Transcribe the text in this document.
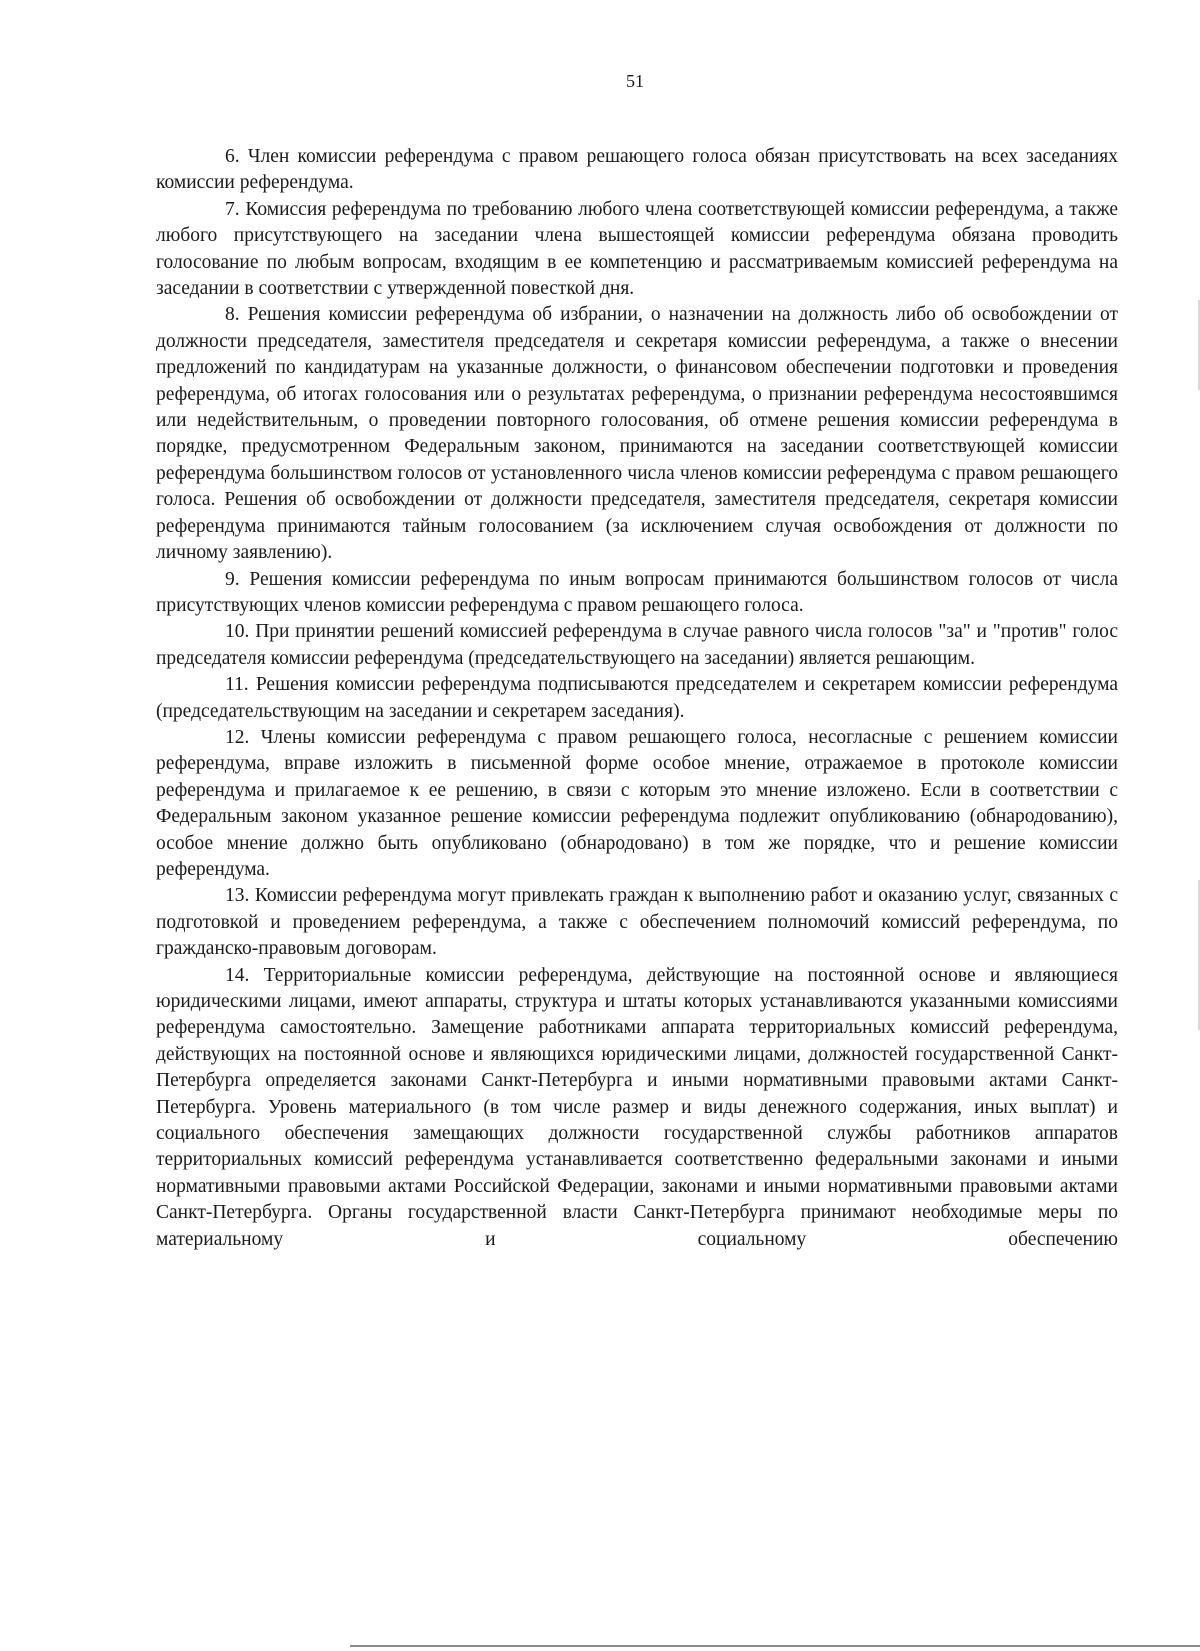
51

6. Член комиссии референдума с правом решающего голоса обязан присутствовать на всех заседаниях комиссии референдума.

7. Комиссия референдума по требованию любого члена соответствующей комиссии референдума, а также любого присутствующего на заседании члена вышестоящей комиссии референдума обязана проводить голосование по любым вопросам, входящим в ее компетенцию и рассматриваемым комиссией референдума на заседании в соответствии с утвержденной повесткой дня.

8. Решения комиссии референдума об избрании, о назначении на должность либо об освобождении от должности председателя, заместителя председателя и секретаря комиссии референдума, а также о внесении предложений по кандидатурам на указанные должности, о финансовом обеспечении подготовки и проведения референдума, об итогах голосования или о результатах референдума, о признании референдума несостоявшимся или недействительным, о проведении повторного голосования, об отмене решения комиссии референдума в порядке, предусмотренном Федеральным законом, принимаются на заседании соответствующей комиссии референдума большинством голосов от установленного числа членов комиссии референдума с правом решающего голоса. Решения об освобождении от должности председателя, заместителя председателя, секретаря комиссии референдума принимаются тайным голосованием (за исключением случая освобождения от должности по личному заявлению).

9. Решения комиссии референдума по иным вопросам принимаются большинством голосов от числа присутствующих членов комиссии референдума с правом решающего голоса.

10. При принятии решений комиссией референдума в случае равного числа голосов "за" и "против" голос председателя комиссии референдума (председательствующего на заседании) является решающим.

11. Решения комиссии референдума подписываются председателем и секретарем комиссии референдума (председательствующим на заседании и секретарем заседания).

12. Члены комиссии референдума с правом решающего голоса, несогласные с решением комиссии референдума, вправе изложить в письменной форме особое мнение, отражаемое в протоколе комиссии референдума и прилагаемое к ее решению, в связи с которым это мнение изложено. Если в соответствии с Федеральным законом указанное решение комиссии референдума подлежит опубликованию (обнародованию), особое мнение должно быть опубликовано (обнародовано) в том же порядке, что и решение комиссии референдума.

13. Комиссии референдума могут привлекать граждан к выполнению работ и оказанию услуг, связанных с подготовкой и проведением референдума, а также с обеспечением полномочий комиссий референдума, по гражданско-правовым договорам.

14. Территориальные комиссии референдума, действующие на постоянной основе и являющиеся юридическими лицами, имеют аппараты, структура и штаты которых устанавливаются указанными комиссиями референдума самостоятельно. Замещение работниками аппарата территориальных комиссий референдума, действующих на постоянной основе и являющихся юридическими лицами, должностей государственной Санкт-Петербурга определяется законами Санкт-Петербурга и иными нормативными правовыми актами Санкт-Петербурга. Уровень материального (в том числе размер и виды денежного содержания, иных выплат) и социального обеспечения замещающих должности государственной службы работников аппаратов территориальных комиссий референдума устанавливается соответственно федеральными законами и иными нормативными правовыми актами Российской Федерации, законами и иными нормативными правовыми актами Санкт-Петербурга. Органы государственной власти Санкт-Петербурга принимают необходимые меры по материальному и социальному обеспечению
